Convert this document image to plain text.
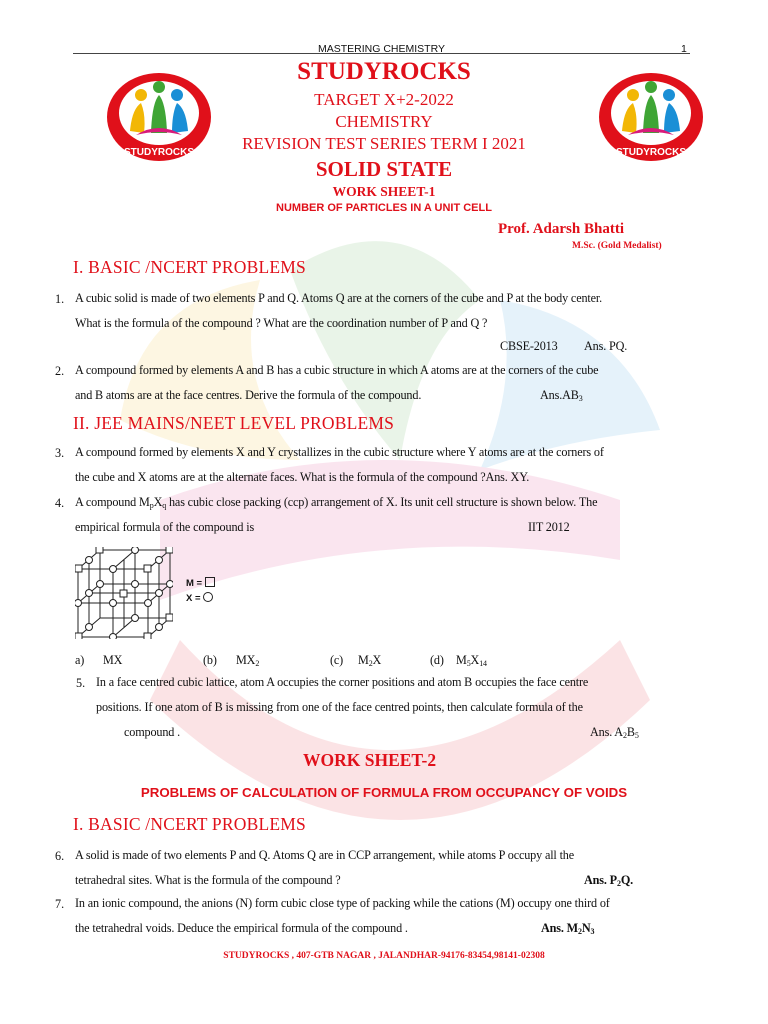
MASTERING CHEMISTRY	1
STUDYROCKS	STUDYROCKS
STUDYROCKS
TARGET X+2-2022
CHEMISTRY
REVISION TEST SERIES TERM I 2021
SOLID STATE
WORK SHEET-1
NUMBER OF PARTICLES IN A UNIT CELL
Prof. Adarsh Bhatti
M.Sc. (Gold Medalist)
I. BASIC /NCERT PROBLEMS
1. A cubic solid is made of two elements P and Q. Atoms Q are at the corners of the cube and P at the body center.
What is the formula of the compound ? What are the coordination number of P and Q ?
CBSE-2013 Ans. PQ.
2. A compound formed by elements A and B has a cubic structure in which A atoms are at the corners of the cube
and B atoms are at the face centres. Derive the formula of the compound.	$Ans.AB_3$
II. JEE MAINS/NEET LEVEL PROBLEMS
3. A compound formed by elements X and Y crystallizes in the cubic structure where Y atoms are at the corners of
the cube and X atoms are at the alternate faces. What is the formula of the compound ?Ans. XY.
4. A compound $M_pX_q$ has cubic close packing (ccp) arrangement of X. Its unit cell structure is shown below. The
empirical formula of the compound is	IIT 2012
M =
X =
a) MX	(b) $MX_2$	(c) $M_2X$	(d) $M_5X_{14}$
5. In a face centred cubic lattice, atom A occupies the corner positions and atom B occupies the face centre
positions. If one atom of B is missing from one of the face centred points, then calculate formula of the
compound .	Ans. $A_2B_5$
WORK SHEET-2
PROBLEMS OF CALCULATION OF FORMULA FROM OCCUPANCY OF VOIDS
I. BASIC /NCERT PROBLEMS
6. A solid is made of two elements P and Q. Atoms Q are in CCP arrangement, while atoms P occupy all the
tetrahedral sites. What is the formula of the compound ?	Ans. $P_2Q$.
7. In an ionic compound, the anions (N) form cubic close type of packing while the cations (M) occupy one third of
the tetrahedral voids. Deduce the empirical formula of the compound .	Ans. $M_2N_3$
STUDYROCKS , 407-GTB NAGAR , JALANDHAR-94176-83454,98141-02308
